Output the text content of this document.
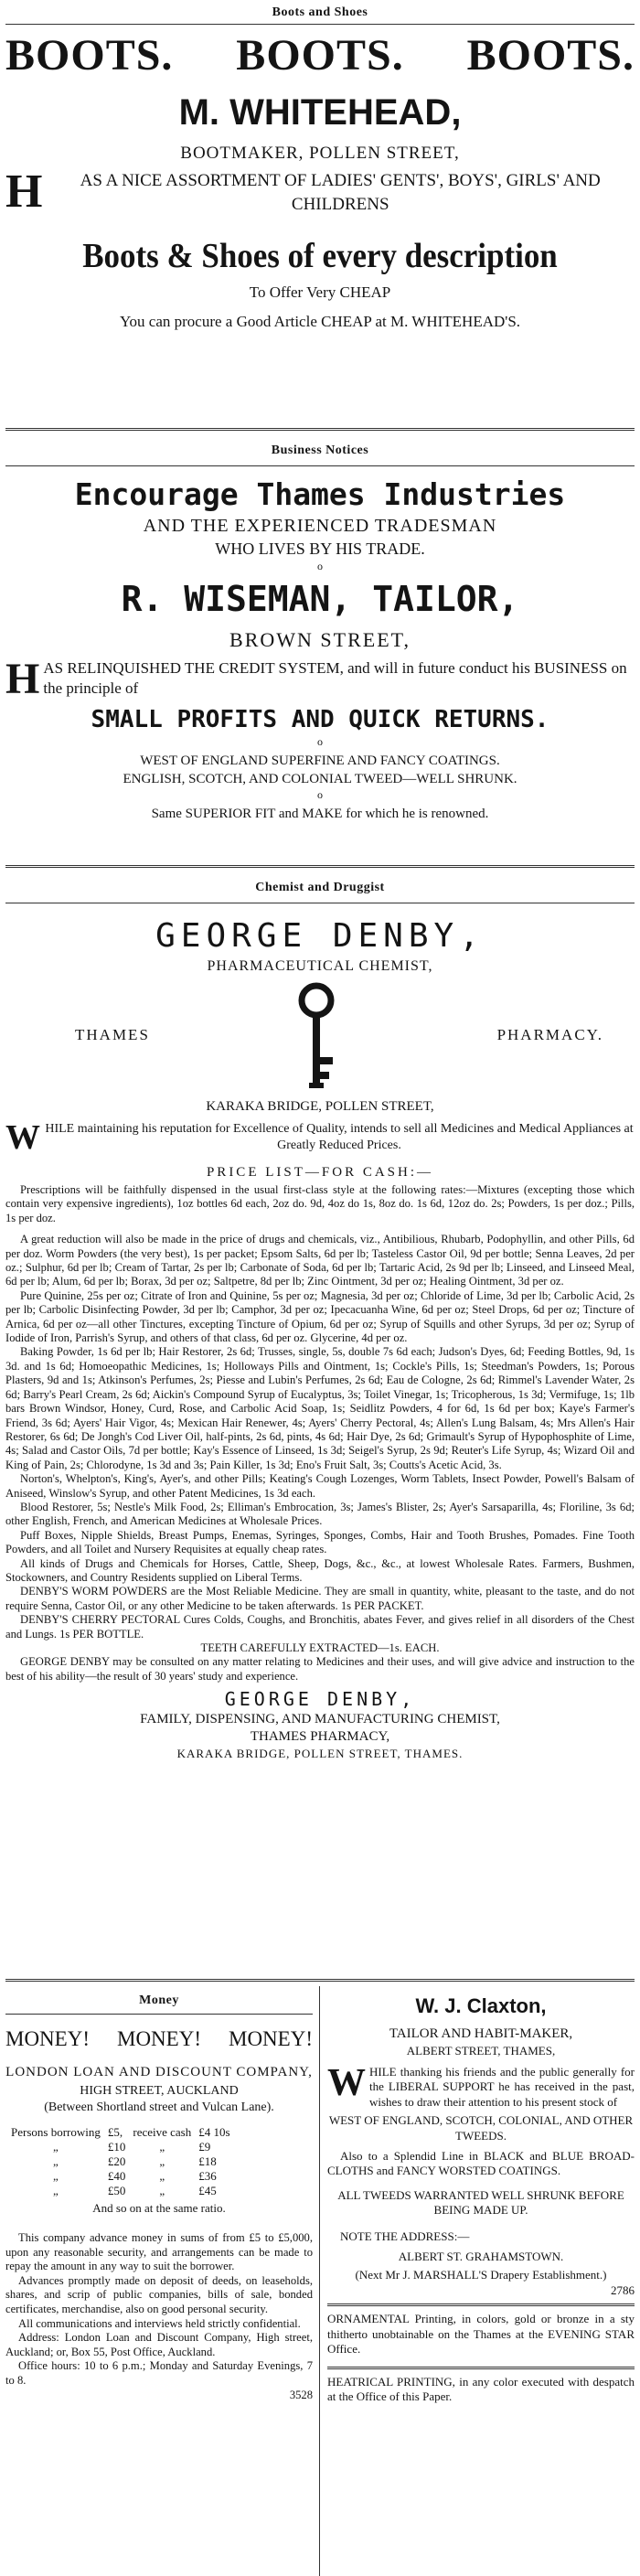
Boots and Shoes
BOOTS. BOOTS. BOOTS.
M. WHITEHEAD,
BOOTMAKER, POLLEN STREET,
H AS A NICE ASSORTMENT OF LADIES' GENTS', BOYS', GIRLS' AND CHILDRENS
Boots & Shoes of every description
To Offer Very CHEAP
You can procure a Good Article CHEAP at M. WHITEHEAD'S.
Business Notices
Encourage Thames Industries
AND THE EXPERIENCED TRADESMAN
WHO LIVES BY HIS TRADE.
o
R. WISEMAN, TAILOR,
BROWN STREET,
H AS RELINQUISHED THE CREDIT SYSTEM, and will in future conduct his BUSINESS on the principle of
SMALL PROFITS AND QUICK RETURNS.
o
WEST OF ENGLAND SUPERFINE AND FANCY COATINGS.
ENGLISH, SCOTCH, AND COLONIAL TWEED—WELL SHRUNK.
o
Same SUPERIOR FIT and MAKE for which he is renowned.
Chemist and Druggist
GEORGE DENBY,
PHARMACEUTICAL CHEMIST,
THAMES	PHARMACY.
KARAKA BRIDGE, POLLEN STREET,
W HILE maintaining his reputation for Excellence of Quality, intends to sell all Medicines and Medical Appliances at Greatly Reduced Prices.
PRICE LIST—FOR CASH:—

Prescriptions will be faithfully dispensed in the usual first-class style at the following rates:—Mixtures (excepting those which contain very expensive ingredients), 1oz bottles 6d each, 2oz do. 9d, 4oz do 1s, 8oz do. 1s 6d, 12oz do. 2s; Powders, 1s per doz.; Pills, 1s per doz.

A great reduction will also be made in the price of drugs and chemicals, viz., Antibilious, Rhubarb, Podophyllin, and other Pills, 6d per doz. Worm Powders (the very best), 1s per packet; Epsom Salts, 6d per lb; Tasteless Castor Oil, 9d per bottle; Senna Leaves, 2d per oz.; Sulphur, 6d per lb; Cream of Tartar, 2s per lb; Carbonate of Soda, 6d per lb; Tartaric Acid, 2s 9d per lb; Linseed, and Linseed Meal, 6d per lb; Alum, 6d per lb; Borax, 3d per oz; Saltpetre, 8d per lb; Zinc Ointment, 3d per oz; Healing Ointment, 3d per oz.

Pure Quinine, 25s per oz; Citrate of Iron and Quinine, 5s per oz; Magnesia, 3d per oz; Chloride of Lime, 3d per lb; Carbolic Acid, 2s per lb; Carbolic Disinfecting Powder, 3d per lb; Camphor, 3d per oz; Ipecacuanha Wine, 6d per oz; Steel Drops, 6d per oz; Tincture of Arnica, 6d per oz—all other Tinctures, excepting Tincture of Opium, 6d per oz; Syrup of Squills and other Syrups, 3d per oz; Syrup of Iodide of Iron, Parrish's Syrup, and others of that class, 6d per oz. Glycerine, 4d per oz.

Baking Powder, 1s 6d per lb; Hair Restorer, 2s 6d; Trusses, single, 5s, double 7s 6d each; Judson's Dyes, 6d; Feeding Bottles, 9d, 1s 3d. and 1s 6d; Homoeopathic Medicines, 1s; Holloways Pills and Ointment, 1s; Cockle's Pills, 1s; Steedman's Powders, 1s; Porous Plasters, 9d and 1s; Atkinson's Perfumes, 2s; Piesse and Lubin's Perfumes, 2s 6d; Eau de Cologne, 2s 6d; Rimmel's Lavender Water, 2s 6d; Barry's Pearl Cream, 2s 6d; Aickin's Compound Syrup of Eucalyptus, 3s; Toilet Vinegar, 1s; Tricopherous, 1s 3d; Vermifuge, 1s; 1lb bars Brown Windsor, Honey, Curd, Rose, and Carbolic Acid Soap, 1s; Seidlitz Powders, 4 for 6d, 1s 6d per box; Kaye's Farmer's Friend, 3s 6d; Ayers' Hair Vigor, 4s; Mexican Hair Renewer, 4s; Ayers' Cherry Pectoral, 4s; Allen's Lung Balsam, 4s; Mrs Allen's Hair Restorer, 6s 6d; De Jongh's Cod Liver Oil, half-pints, 2s 6d, pints, 4s 6d; Hair Dye, 2s 6d; Grimault's Syrup of Hypophosphite of Lime, 4s; Salad and Castor Oils, 7d per bottle; Kay's Essence of Linseed, 1s 3d; Seigel's Syrup, 2s 9d; Reuter's Life Syrup, 4s; Wizard Oil and King of Pain, 2s; Chlorodyne, 1s 3d and 3s; Pain Killer, 1s 3d; Eno's Fruit Salt, 3s; Coutts's Acetic Acid, 3s.

Norton's, Whelpton's, King's, Ayer's, and other Pills; Keating's Cough Lozenges, Worm Tablets, Insect Powder, Powell's Balsam of Aniseed, Winslow's Syrup, and other Patent Medicines, 1s 3d each.

Blood Restorer, 5s; Nestle's Milk Food, 2s; Elliman's Embrocation, 3s; James's Blister, 2s; Ayer's Sarsaparilla, 4s; Floriline, 3s 6d; other English, French, and American Medicines at Wholesale Prices.

Puff Boxes, Nipple Shields, Breast Pumps, Enemas, Syringes, Sponges, Combs, Hair and Tooth Brushes, Pomades. Fine Tooth Powders, and all Toilet and Nursery Requisites at equally cheap rates.

All kinds of Drugs and Chemicals for Horses, Cattle, Sheep, Dogs, &c., &c., at lowest Wholesale Rates. Farmers, Bushmen, Stockowners, and Country Residents supplied on Liberal Terms.

DENBY'S WORM POWDERS are the Most Reliable Medicine. They are small in quantity, white, pleasant to the taste, and do not require Senna, Castor Oil, or any other Medicine to be taken afterwards. 1s PER PACKET.

DENBY'S CHERRY PECTORAL Cures Colds, Coughs, and Bronchitis, abates Fever, and gives relief in all disorders of the Chest and Lungs. 1s PER BOTTLE.

TEETH CAREFULLY EXTRACTED—1s. EACH.

GEORGE DENBY may be consulted on any matter relating to Medicines and their uses, and will give advice and instruction to the best of his ability—the result of 30 years' study and experience.

GEORGE DENBY,
FAMILY, DISPENSING, AND MANUFACTURING CHEMIST,
THAMES PHARMACY,
KARAKA BRIDGE, POLLEN STREET, THAMES.
Money
MONEY! MONEY! MONEY!
LONDON LOAN AND DISCOUNT COMPANY,
HIGH STREET, AUCKLAND
(Between Shortland street and Vulcan Lane).
Persons borrowing	£5,	receive cash	£4 10s
„	£10	„	£9
„	£20	„	£18
„	£40	„	£36
„	£50	„	£45
And so on at the same ratio.

This company advance money in sums of from £5 to £5,000, upon any reasonable security, and arrangements can be made to repay the amount in any way to suit the borrower.

Advances promptly made on deposit of deeds, on leaseholds, shares, and scrip of public companies, bills of sale, bonded certificates, merchandise, also on good personal security.

All communications and interviews held strictly confidential.

Address: London Loan and Discount Company, High street, Auckland; or, Box 55, Post Office, Auckland.

Office hours: 10 to 6 p.m.; Monday and Saturday Evenings, 7 to 8.

3528

W. J. Claxton,
TAILOR AND HABIT-MAKER,
ALBERT STREET, THAMES,

W HILE thanking his friends and the public generally for the LIBERAL SUPPORT he has received in the past, wishes to draw their attention to his present stock of

WEST OF ENGLAND, SCOTCH, COLONIAL, AND OTHER TWEEDS.

Also to a Splendid Line in BLACK and BLUE BROAD-CLOTHS and FANCY WORSTED COATINGS.

ALL TWEEDS WARRANTED WELL SHRUNK BEFORE BEING MADE UP.

NOTE THE ADDRESS:—

ALBERT ST. GRAHAMSTOWN.

(Next Mr J. MARSHALL'S Drapery Establishment.)

2786

ORNAMENTAL Printing, in colors, gold or bronze in a sty thitherto unobtainable on the Thames at the EVENING STAR Office.

HEATRICAL PRINTING, in any color executed with despatch at the Office of this Paper.
